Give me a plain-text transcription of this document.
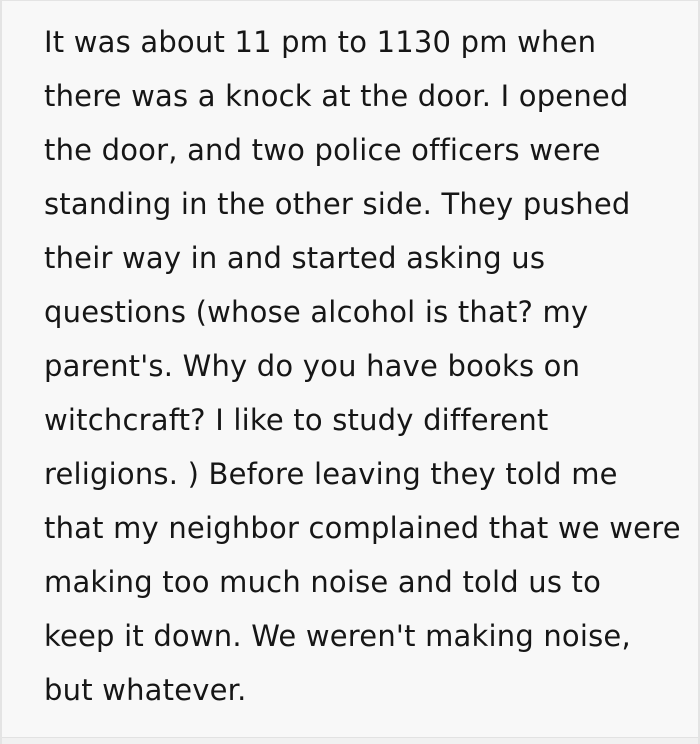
It was about 11 pm to 1130 pm when
there was a knock at the door. I opened
the door, and two police officers were
standing in the other side. They pushed
their way in and started asking us
questions (whose alcohol is that? my
parent's. Why do you have books on
witchcraft? I like to study different
religions. ) Before leaving they told me
that my neighbor complained that we were
making too much noise and told us to
keep it down. We weren't making noise,
but whatever.
